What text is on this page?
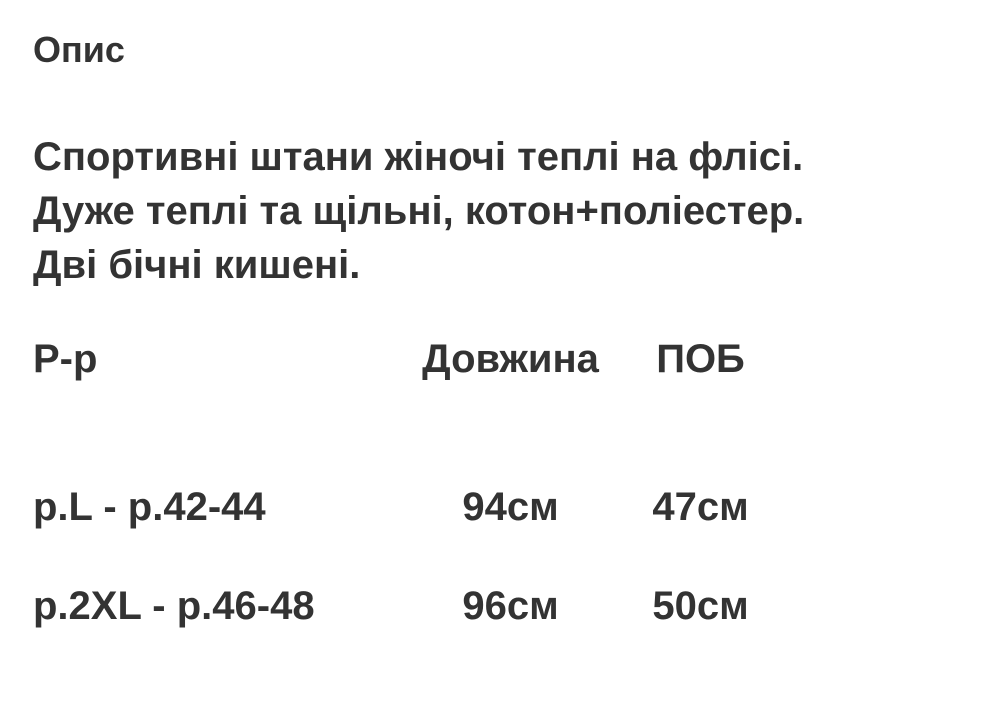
Опис
Спортивні штани жіночі теплі на флісі.
Дуже теплі та щільні, котон+поліестер.
Дві бічні кишені.
Р-р	Довжина	ПОБ
р.L - р.42-44	94см	47см
р.2XL - р.46-48	96см	50см
